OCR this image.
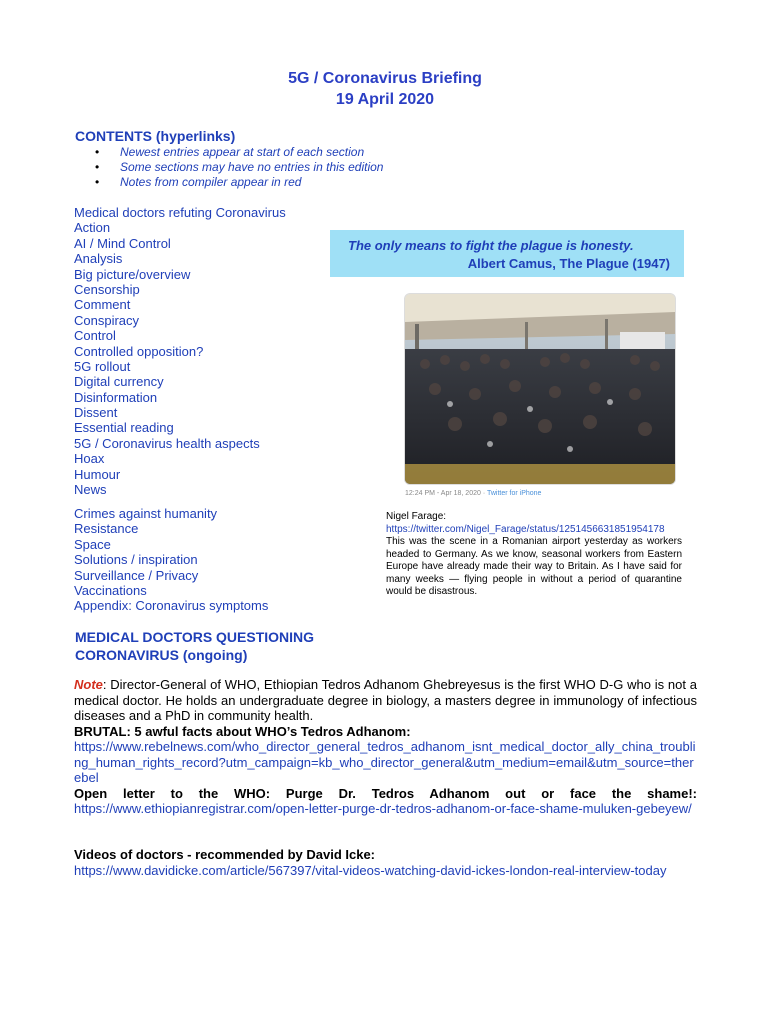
5G / Coronavirus Briefing
19 April 2020
CONTENTS (hyperlinks)
• Newest entries appear at start of each section
• Some sections may have no entries in this edition
• Notes from compiler appear in red
Medical doctors refuting Coronavirus
Action
AI / Mind Control
Analysis
Big picture/overview
Censorship
Comment
Conspiracy
Control
Controlled opposition?
5G rollout
Digital currency
Disinformation
Dissent
Essential reading
5G / Coronavirus health aspects
Hoax
Humour
News
Crimes against humanity
Resistance
Space
Solutions / inspiration
Surveillance / Privacy
Vaccinations
Appendix: Coronavirus symptoms
The only means to fight the plague is honesty.
Albert Camus, The Plague (1947)
12:24 PM - Apr 18, 2020 · Twitter for iPhone

Nigel Farage:

https://twitter.com/Nigel_Farage/status/1251456631851954178

This was the scene in a Romanian airport yesterday as workers headed to Germany. As we know, seasonal workers from Eastern Europe have already made their way to Britain. As I have said for many weeks — flying people in without a period of quarantine would be disastrous.

MEDICAL DOCTORS QUESTIONING
CORONAVIRUS (ongoing)

Note: Director-General of WHO, Ethiopian Tedros Adhanom Ghebreyesus is the first WHO D-G who is not a medical doctor. He holds an undergraduate degree in biology, a masters degree in immunology of infectious diseases and a PhD in community health.

BRUTAL: 5 awful facts about WHO’s Tedros Adhanom:

https://www.rebelnews.com/who_director_general_tedros_adhanom_isnt_medical_doctor_ally_china_troubling_human_rights_record?utm_campaign=kb_who_director_general&utm_medium=email&utm_source=therebel

Open letter to the WHO: Purge Dr. Tedros Adhanom out or face the shame!:

https://www.ethiopianregistrar.com/open-letter-purge-dr-tedros-adhanom-or-face-shame-muluken-gebeyew/

Videos of doctors - recommended by David Icke:

https://www.davidicke.com/article/567397/vital-videos-watching-david-ickes-london-real-interview-today
